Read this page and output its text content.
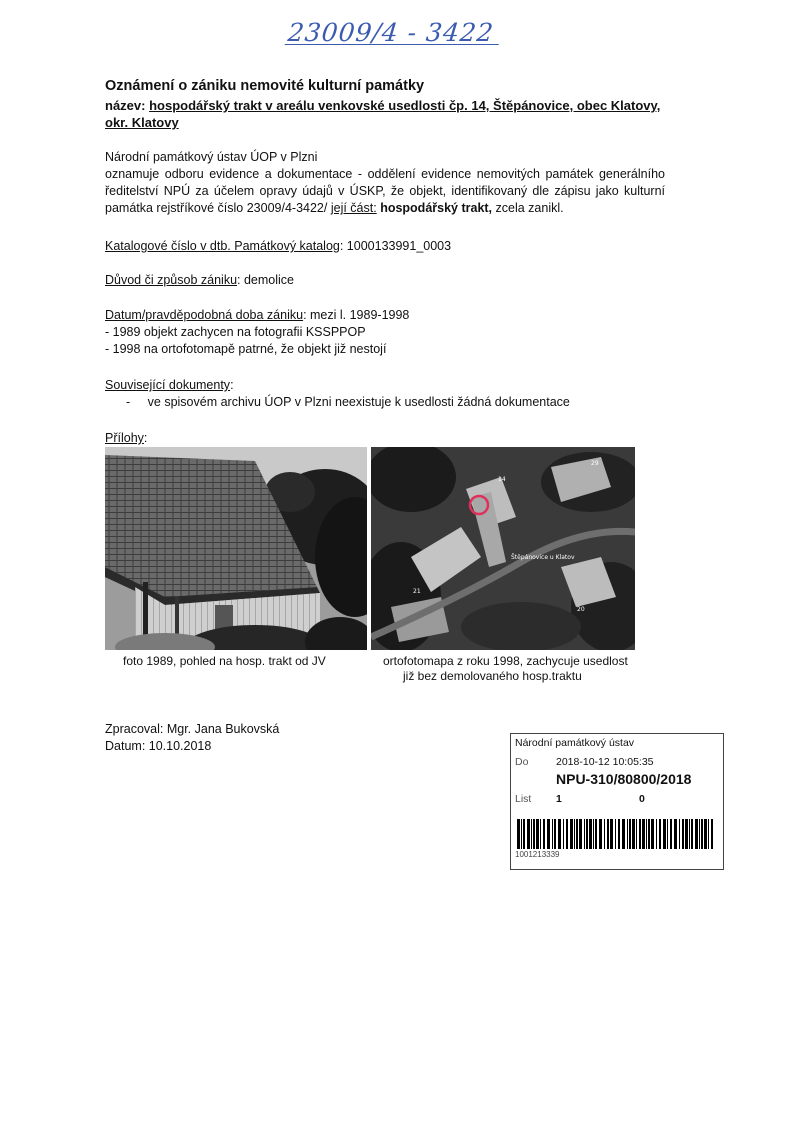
23009/4 - 3422
Oznámení o zániku nemovité kulturní památky
název: hospodářský trakt v areálu venkovské usedlosti čp. 14, Štěpánovice, obec Klatovy, okr. Klatovy
Národní památkový ústav ÚOP v Plzni
oznamuje odboru evidence a dokumentace - oddělení evidence nemovitých památek generálního ředitelství NPÚ za účelem opravy údajů v ÚSKP, že objekt, identifikovaný dle zápisu jako kulturní památka rejstříkové číslo 23009/4-3422/ její část: hospodářský trakt, zcela zanikl.
Katalogové číslo v dtb. Památkový katalog: 1000133991_0003
Důvod či způsob zániku: demolice
Datum/pravděpodobná doba zániku: mezi l. 1989-1998
- 1989 objekt zachycen na fotografii KSSPPOP
- 1998 na ortofotomapě patrné, že objekt již nestojí
Související dokumenty:
- ve spisovém archivu ÚOP v Plzni neexistuje k usedlosti žádná dokumentace
Přílohy:
Štěpánovice u Klatov
14
29
21
20
foto 1989, pohled na hosp. trakt od JV	ortofotomapa z roku 1998, zachycuje usedlost
již bez demolovaného hosp.traktu
Zpracoval: Mgr. Jana Bukovská
Datum: 10.10.2018	Národní památkový ústav
Do	2018-10-12 10:05:35
NPU-310/80800/2018
List 1	0
1001213339
